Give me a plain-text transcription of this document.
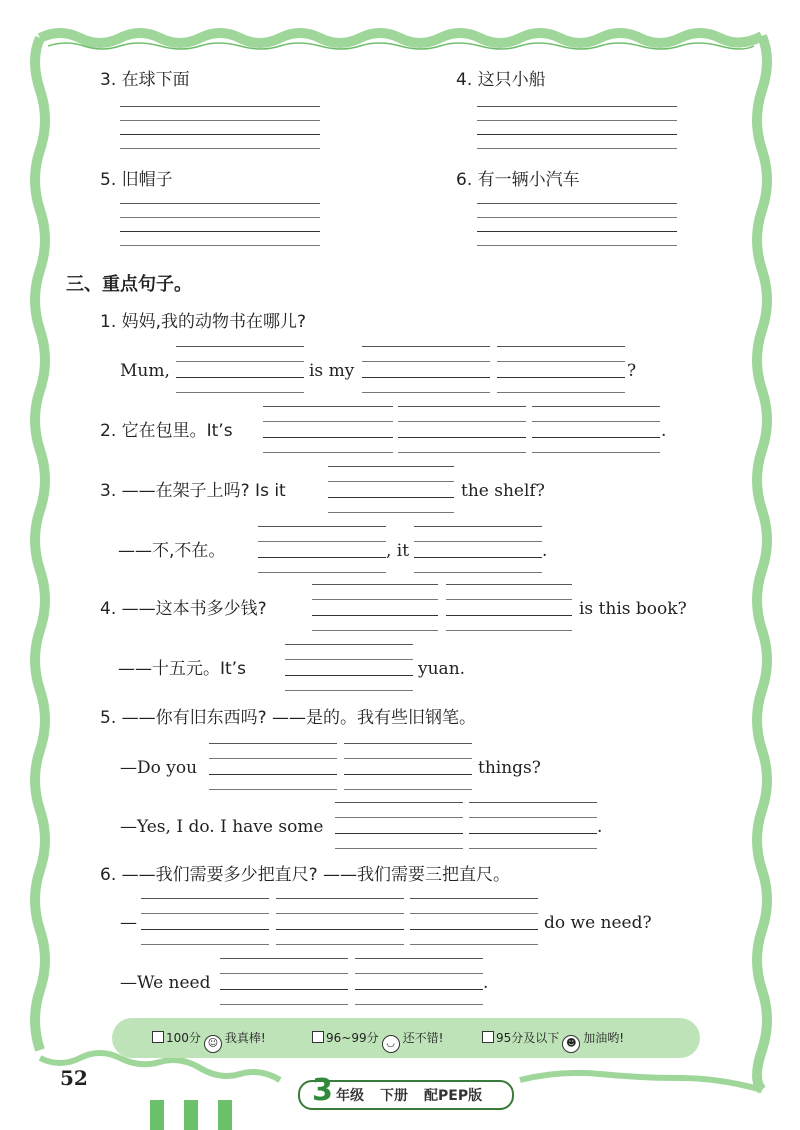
3. 在球下面	4. 这只小船
5. 旧帽子	6. 有一辆小汽车
三、重点句子。
1. 妈妈,我的动物书在哪儿?
Mum,	is my	?
2. 它在包里。It’s	.
3. ——在架子上吗? Is it	the shelf?
——不,不在。	, it	.
4. ——这本书多少钱?	is this book?
——十五元。It’s	yuan.
5. ——你有旧东西吗? ——是的。我有些旧钢笔。
—Do you	things?
—Yes, I do. I have some	.
6. ——我们需要多少把直尺? ——我们需要三把直尺。
—	do we need?
—We need	.
100分 ☺ 我真棒!	96~99分 ◡ 还不错!	95分及以下 ☻ 加油哟!
52	3 年级 下册 配PEP版
